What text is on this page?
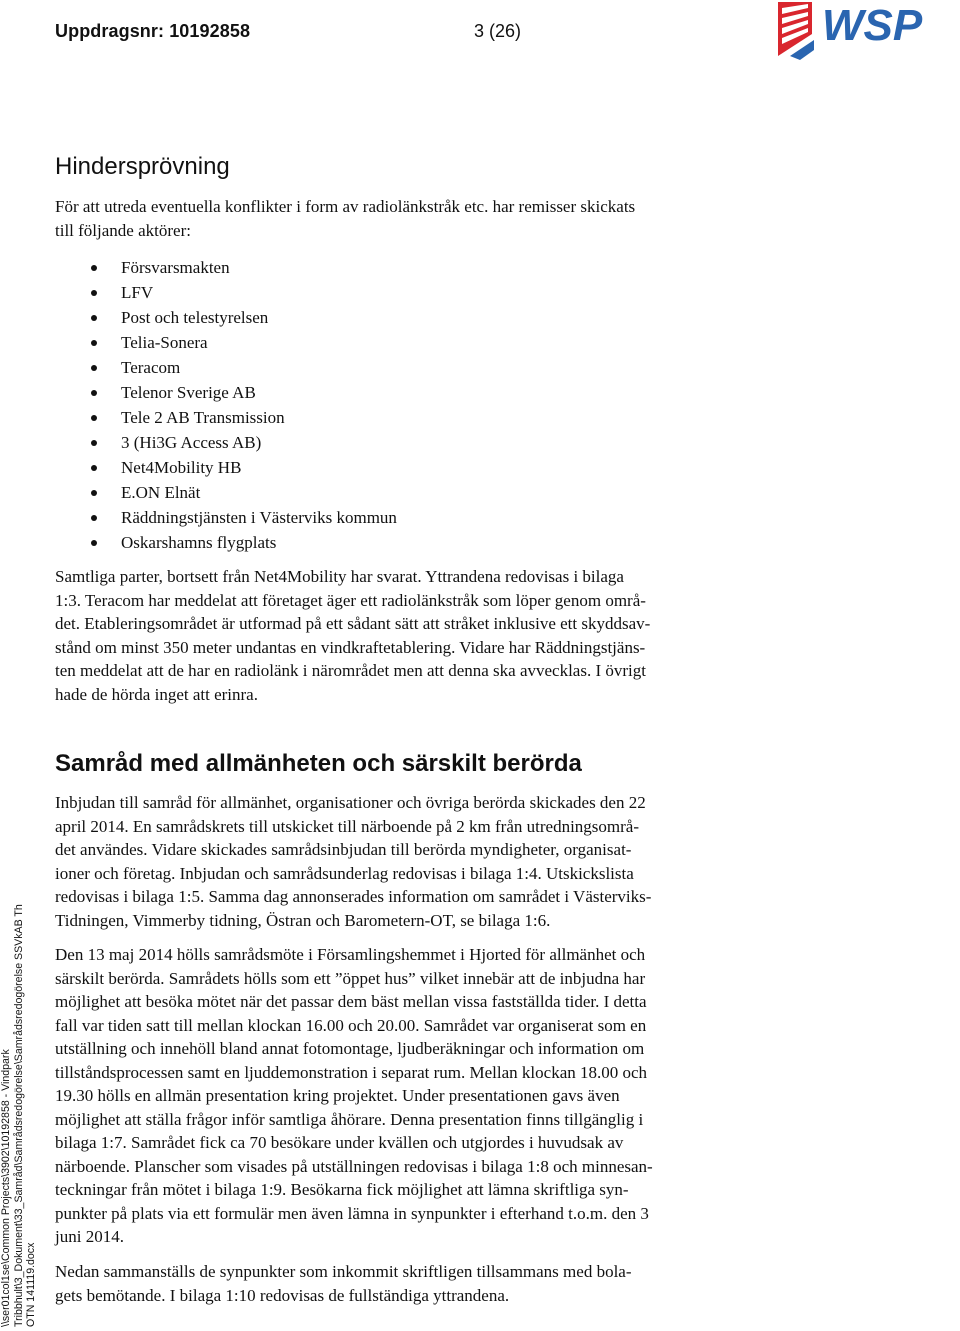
Uppdragsnr: 10192858	3 (26)	WSP
\\ser01col1se\Common Projects\3902\10192858 - Vindpark Tribbhult\3_Dokument\33_Samråd\Samrådsredogörelse\Samrådsredogörelse SSVkAB Th OTN 141119.docx
Hindersprövning
För att utreda eventuella konflikter i form av radiolänkstråk etc. har remisser skickats
till följande aktörer:
Försvarsmakten
LFV
Post och telestyrelsen
Telia-Sonera
Teracom
Telenor Sverige AB
Tele 2 AB Transmission
3 (Hi3G Access AB)
Net4Mobility HB
E.ON Elnät
Räddningstjänsten i Västerviks kommun
Oskarshamns flygplats
Samtliga parter, bortsett från Net4Mobility har svarat. Yttrandena redovisas i bilaga
1:3. Teracom har meddelat att företaget äger ett radiolänkstråk som löper genom områ-
det. Etableringsområdet är utformad på ett sådant sätt att stråket inklusive ett skyddsav-
stånd om minst 350 meter undantas en vindkraftetablering. Vidare har Räddningstjäns-
ten meddelat att de har en radiolänk i närområdet men att denna ska avvecklas. I övrigt
hade de hörda inget att erinra.
Samråd med allmänheten och särskilt berörda
Inbjudan till samråd för allmänhet, organisationer och övriga berörda skickades den 22
april 2014. En samrådskrets till utskicket till närboende på 2 km från utredningsområ-
det användes. Vidare skickades samrådsinbjudan till berörda myndigheter, organisat-
ioner och företag. Inbjudan och samrådsunderlag redovisas i bilaga 1:4. Utskickslista
redovisas i bilaga 1:5. Samma dag annonserades information om samrådet i Västerviks-
Tidningen, Vimmerby tidning, Östran och Barometern-OT, se bilaga 1:6.
Den 13 maj 2014 hölls samrådsmöte i Församlingshemmet i Hjorted för allmänhet och
särskilt berörda. Samrådets hölls som ett ”öppet hus” vilket innebär att de inbjudna har
möjlighet att besöka mötet när det passar dem bäst mellan vissa fastställda tider. I detta
fall var tiden satt till mellan klockan 16.00 och 20.00. Samrådet var organiserat som en
utställning och innehöll bland annat fotomontage, ljudberäkningar och information om
tillståndsprocessen samt en ljuddemonstration i separat rum. Mellan klockan 18.00 och
19.30 hölls en allmän presentation kring projektet. Under presentationen gavs även
möjlighet att ställa frågor inför samtliga åhörare. Denna presentation finns tillgänglig i
bilaga 1:7. Samrådet fick ca 70 besökare under kvällen och utgjordes i huvudsak av
närboende. Planscher som visades på utställningen redovisas i bilaga 1:8 och minnesan-
teckningar från mötet i bilaga 1:9. Besökarna fick möjlighet att lämna skriftliga syn-
punkter på plats via ett formulär men även lämna in synpunkter i efterhand t.o.m. den 3
juni 2014.
Nedan sammanställs de synpunkter som inkommit skriftligen tillsammans med bola-
gets bemötande. I bilaga 1:10 redovisas de fullständiga yttrandena.
